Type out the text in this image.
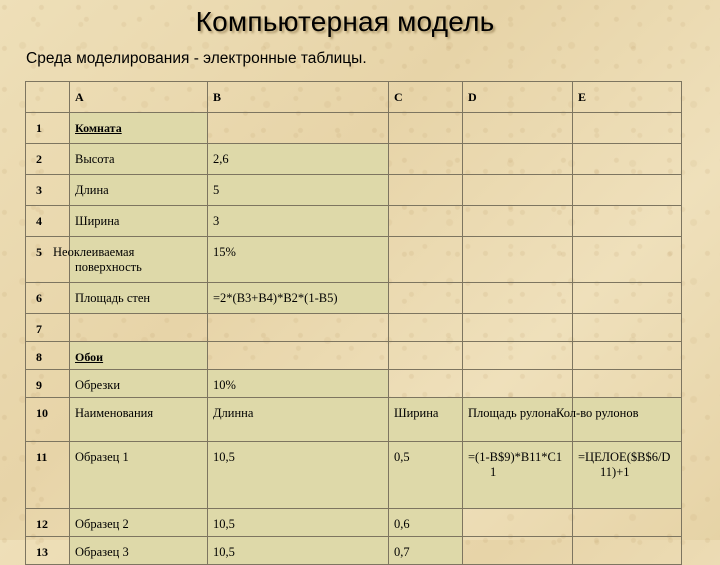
Компьютерная модель
Среда моделирования - электронные таблицы.
	A	B	C	D	E
1	Комната				
2	Высота	2,6			
3	Длина	5			
4	Ширина	3			
5	Неоклеиваемая поверхность	15%			
6	Площадь стен	=2*(B3+B4)*B2*(1-B5)			
7					
8	Обои				
9	Обрезки	10%			
10	Наименования	Длинна	Ширина	Площадь рулона	Кол-во рулонов
11	Образец 1	10,5	0,5	=(1-B$9)*B11*C11	=ЦЕЛОЕ($B$6/D11)+1

12	Образец 2	10,5	0,6		
13	Образец 3	10,5	0,7		
